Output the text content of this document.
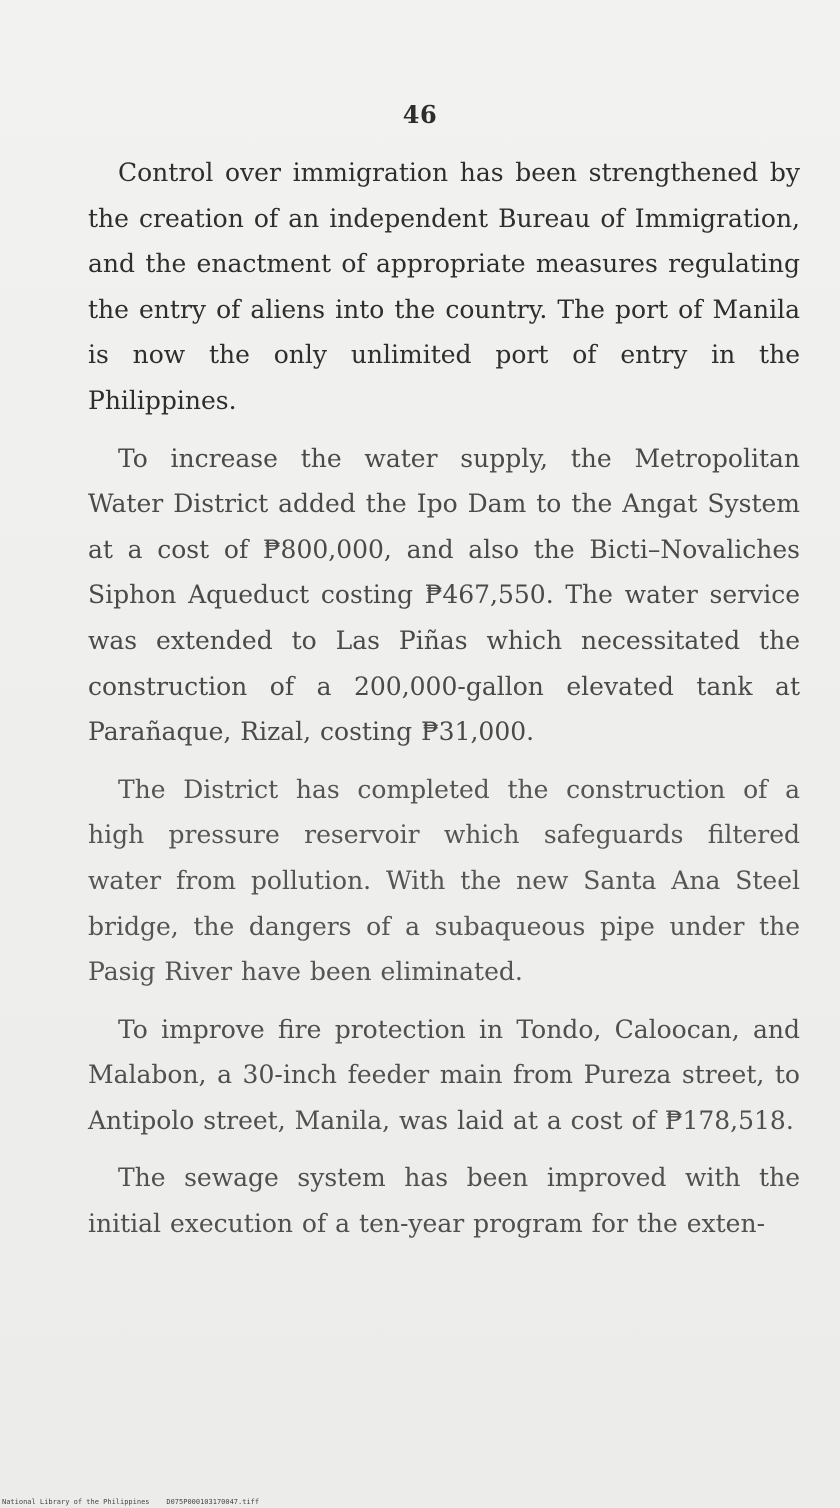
46

Control over immigration has been strengthened by the creation of an independent Bureau of Immigration, and the enactment of appropriate measures regulating the entry of aliens into the country. The port of Manila is now the only unlimited port of entry in the Philippines.

To increase the water supply, the Metropolitan Water District added the Ipo Dam to the Angat System at a cost of ₱800,000, and also the Bicti–Novaliches Siphon Aqueduct costing ₱467,550. The water service was extended to Las Piñas which necessitated the construction of a 200,000-gallon elevated tank at Parañaque, Rizal, costing ₱31,000.

The District has completed the construction of a high pressure reservoir which safeguards filtered water from pollution. With the new Santa Ana Steel bridge, the dangers of a subaqueous pipe under the Pasig River have been eliminated.

To improve fire protection in Tondo, Caloocan, and Malabon, a 30-inch feeder main from Pureza street, to Antipolo street, Manila, was laid at a cost of ₱178,518.

The sewage system has been improved with the initial execution of a ten-year program for the exten-

National Library of the Philippines D075P000103170047.tiff
